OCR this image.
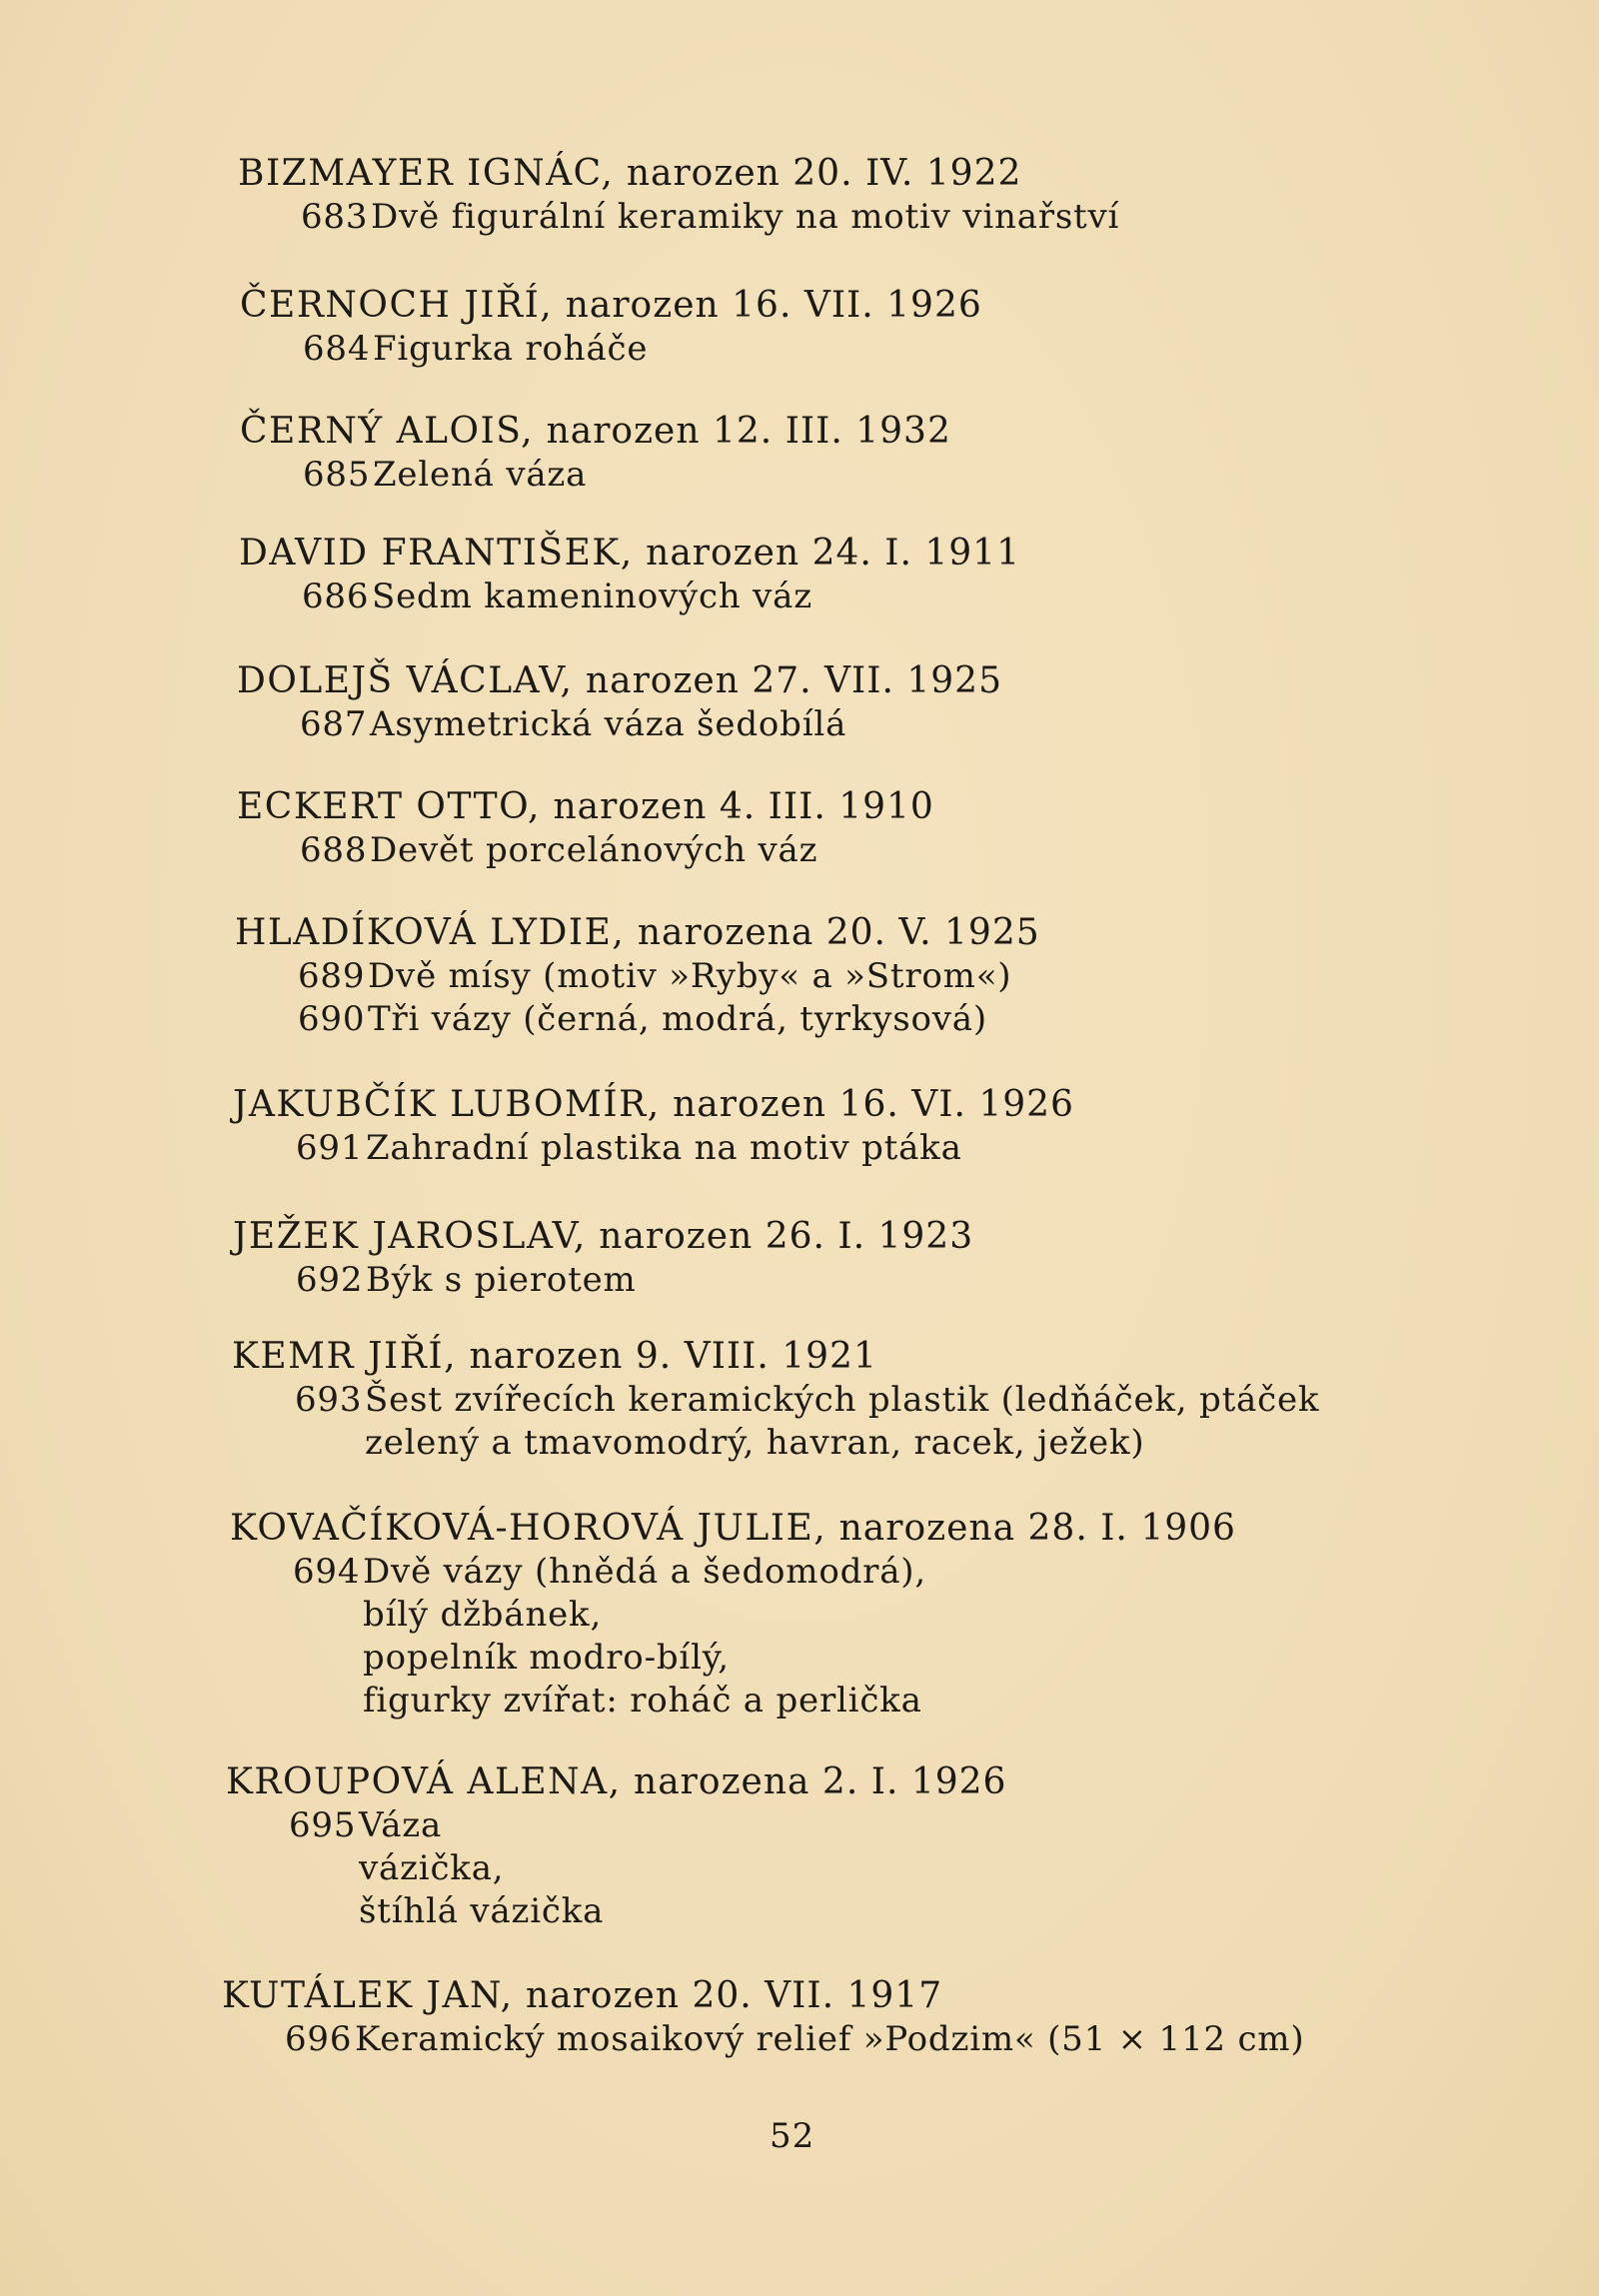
BIZMAYER IGNÁC, narozen 20. IV. 1922
683 Dvě figurální keramiky na motiv vinařství
ČERNOCH JIŘÍ, narozen 16. VII. 1926
684 Figurka roháče
ČERNÝ ALOIS, narozen 12. III. 1932
685 Zelená váza
DAVID FRANTIŠEK, narozen 24. I. 1911
686 Sedm kameninových váz
DOLEJŠ VÁCLAV, narozen 27. VII. 1925
687 Asymetrická váza šedobílá
ECKERT OTTO, narozen 4. III. 1910
688 Devět porcelánových váz
HLADÍKOVÁ LYDIE, narozena 20. V. 1925
689 Dvě mísy (motiv »Ryby« a »Strom«)
690 Tři vázy (černá, modrá, tyrkysová)
JAKUBČÍK LUBOMÍR, narozen 16. VI. 1926
691 Zahradní plastika na motiv ptáka
JEŽEK JAROSLAV, narozen 26. I. 1923
692 Býk s pierotem
KEMR JIŘÍ, narozen 9. VIII. 1921
693 Šest zvířecích keramických plastik (ledňáček, ptáček
zelený a tmavomodrý, havran, racek, ježek)
KOVAČÍKOVÁ-HOROVÁ JULIE, narozena 28. I. 1906
694 Dvě vázy (hnědá a šedomodrá),
bílý džbánek,
popelník modro-bílý,
figurky zvířat: roháč a perlička
KROUPOVÁ ALENA, narozena 2. I. 1926
695 Váza
vázička,
štíhlá vázička
KUTÁLEK JAN, narozen 20. VII. 1917
696 Keramický mosaikový relief »Podzim« (51 × 112 cm)
52
